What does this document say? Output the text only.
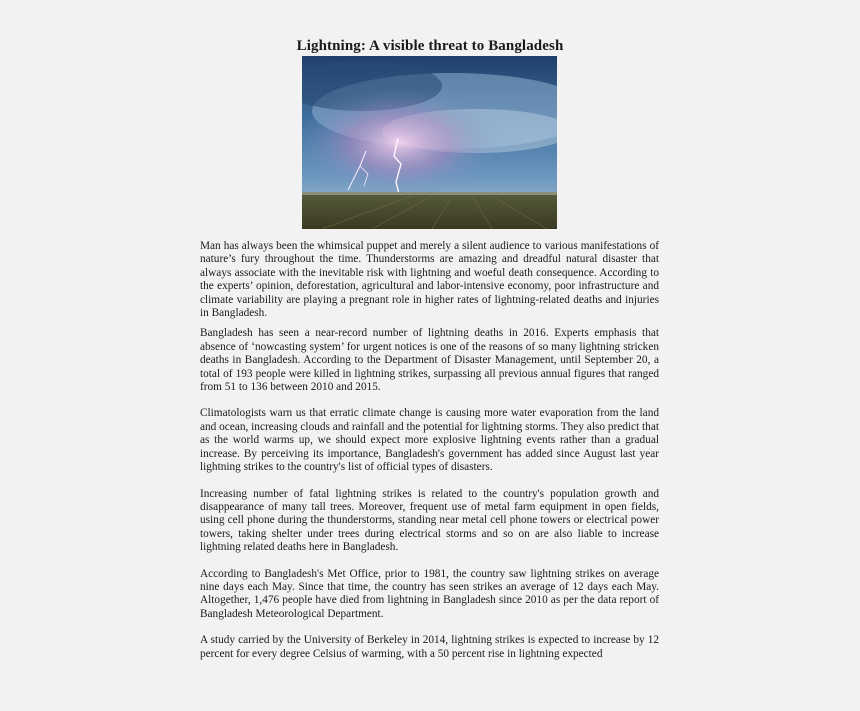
Lightning: A visible threat to Bangladesh

Man has always been the whimsical puppet and merely a silent audience to various manifestations of nature’s fury throughout the time. Thunderstorms are amazing and dreadful natural disaster that always associate with the inevitable risk with lightning and woeful death consequence. According to the experts’ opinion, deforestation, agricultural and labor-intensive economy, poor infrastructure and climate variability are playing a pregnant role in higher rates of lightning-related deaths and injuries in Bangladesh.

Bangladesh has seen a near-record number of lightning deaths in 2016. Experts emphasis that absence of ‘nowcasting system’ for urgent notices is one of the reasons of so many lightning stricken deaths in Bangladesh. According to the Department of Disaster Management, until September 20, a total of 193 people were killed in lightning strikes, surpassing all previous annual figures that ranged from 51 to 136 between 2010 and 2015.

Climatologists warn us that erratic climate change is causing more water evaporation from the land and ocean, increasing clouds and rainfall and the potential for lightning storms. They also predict that as the world warms up, we should expect more explosive lightning events rather than a gradual increase. By perceiving its importance, Bangladesh's government has added since August last year lightning strikes to the country's list of official types of disasters.

Increasing number of fatal lightning strikes is related to the country's population growth and disappearance of many tall trees. Moreover, frequent use of metal farm equipment in open fields, using cell phone during the thunderstorms, standing near metal cell phone towers or electrical power towers, taking shelter under trees during electrical storms and so on are also liable to increase lightning related deaths here in Bangladesh.

According to Bangladesh's Met Office, prior to 1981, the country saw lightning strikes on average nine days each May. Since that time, the country has seen strikes an average of 12 days each May. Altogether, 1,476 people have died from lightning in Bangladesh since 2010 as per the data report of Bangladesh Meteorological Department.

A study carried by the University of Berkeley in 2014, lightning strikes is expected to increase by 12 percent for every degree Celsius of warming, with a 50 percent rise in lightning expected
